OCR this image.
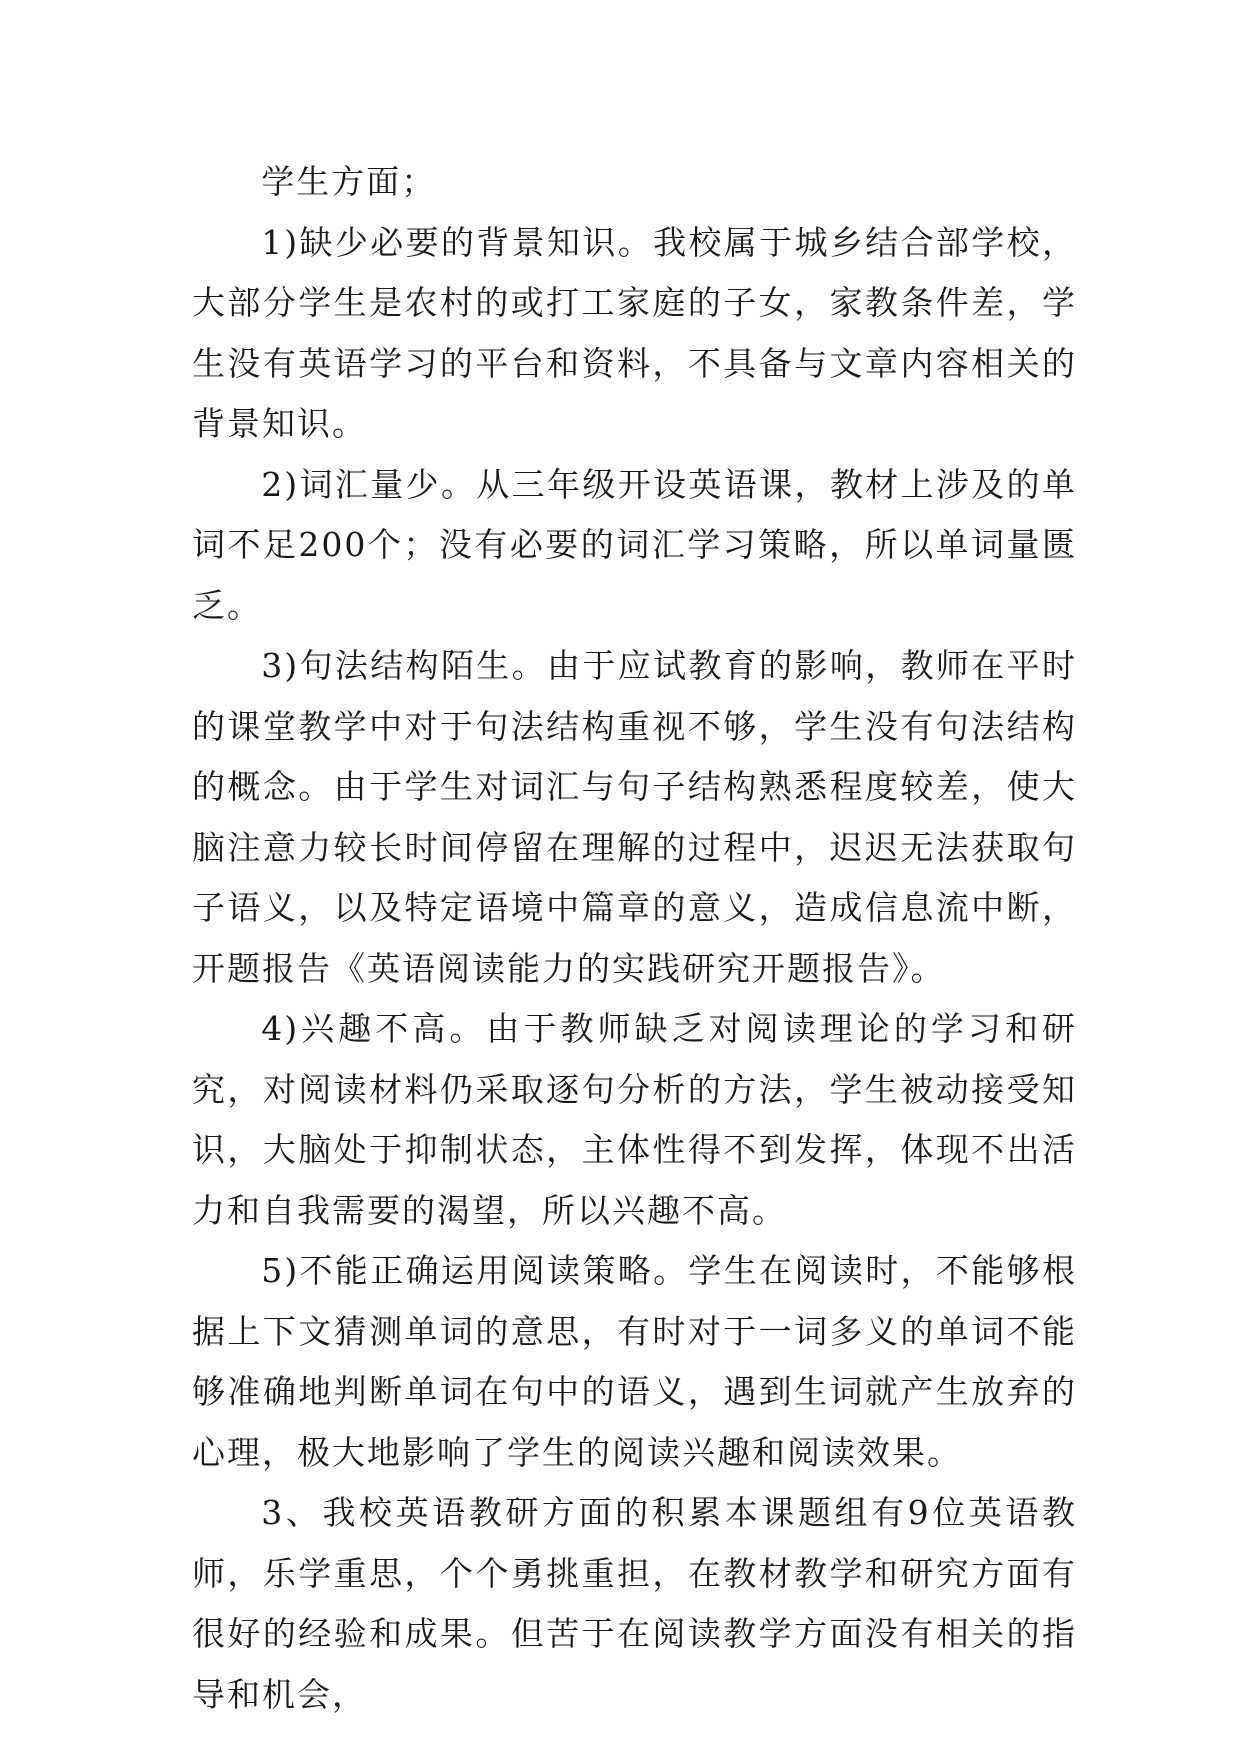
学生方面；

1)缺少必要的背景知识。我校属于城乡结合部学校，大部分学生是农村的或打工家庭的子女，家教条件差，学生没有英语学习的平台和资料，不具备与文章内容相关的背景知识。

2)词汇量少。从三年级开设英语课，教材上涉及的单词不足200个；没有必要的词汇学习策略，所以单词量匮乏。

3)句法结构陌生。由于应试教育的影响，教师在平时的课堂教学中对于句法结构重视不够，学生没有句法结构的概念。由于学生对词汇与句子结构熟悉程度较差，使大脑注意力较长时间停留在理解的过程中，迟迟无法获取句子语义，以及特定语境中篇章的意义，造成信息流中断，开题报告《英语阅读能力的实践研究开题报告》。

4)兴趣不高。由于教师缺乏对阅读理论的学习和研究，对阅读材料仍采取逐句分析的方法，学生被动接受知识，大脑处于抑制状态，主体性得不到发挥，体现不出活力和自我需要的渴望，所以兴趣不高。

5)不能正确运用阅读策略。学生在阅读时，不能够根据上下文猜测单词的意思，有时对于一词多义的单词不能够准确地判断单词在句中的语义，遇到生词就产生放弃的心理，极大地影响了学生的阅读兴趣和阅读效果。

3、我校英语教研方面的积累本课题组有9位英语教师，乐学重思，个个勇挑重担，在教材教学和研究方面有很好的经验和成果。但苦于在阅读教学方面没有相关的指导和机会，
